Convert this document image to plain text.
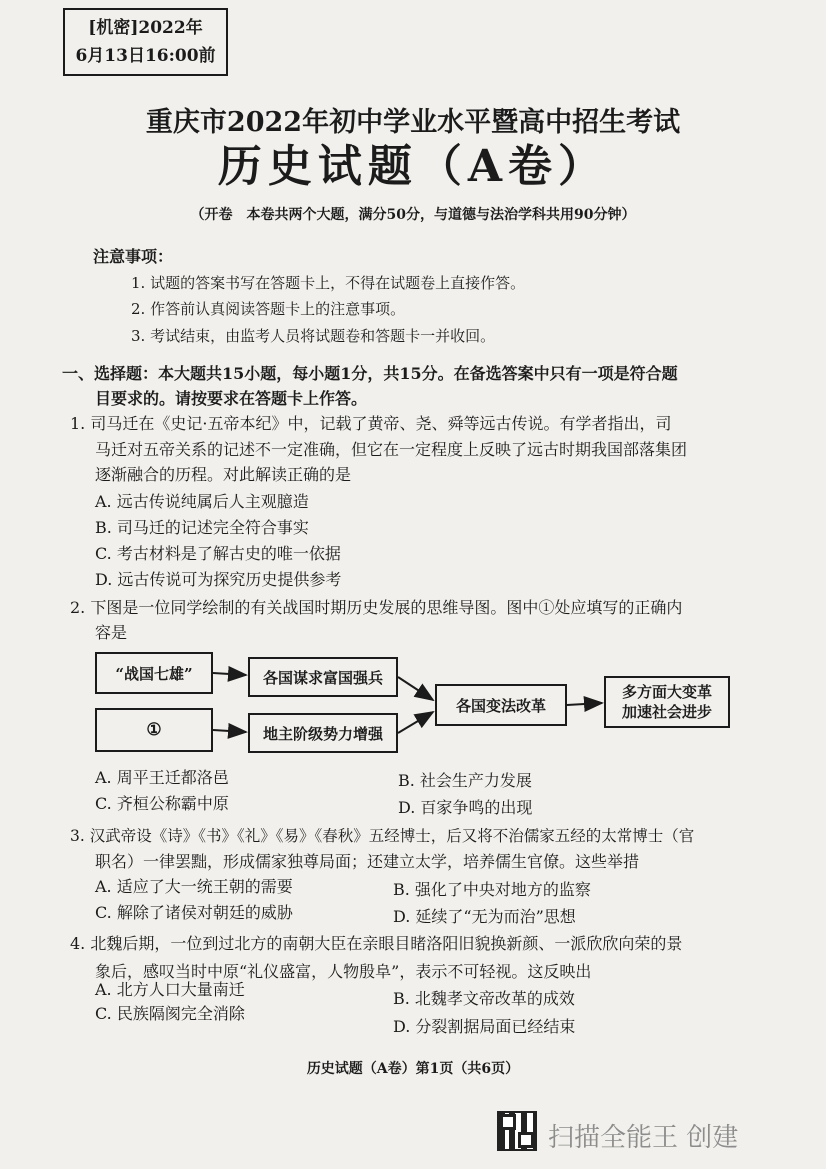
[机密]2022年
6月13日16:00前
重庆市2022年初中学业水平暨高中招生考试
历史试题（A卷）
（开卷　本卷共两个大题，满分50分，与道德与法治学科共用90分钟）
注意事项：
1. 试题的答案书写在答题卡上，不得在试题卷上直接作答。
2. 作答前认真阅读答题卡上的注意事项。
3. 考试结束，由监考人员将试题卷和答题卡一并收回。
一、选择题：本大题共15小题，每小题1分，共15分。在备选答案中只有一项是符合题
目要求的。请按要求在答题卡上作答。
1. 司马迁在《史记·五帝本纪》中，记载了黄帝、尧、舜等远古传说。有学者指出，司
马迁对五帝关系的记述不一定准确，但它在一定程度上反映了远古时期我国部落集团
逐渐融合的历程。对此解读正确的是
A. 远古传说纯属后人主观臆造
B. 司马迁的记述完全符合事实
C. 考古材料是了解古史的唯一依据
D. 远古传说可为探究历史提供参考
2. 下图是一位同学绘制的有关战国时期历史发展的思维导图。图中①处应填写的正确内
容是
“战国七雄”	各国谋求富国强兵
①	地主阶级势力增强
各国变法改革
多方面大变革
加速社会进步
A. 周平王迁都洛邑	B. 社会生产力发展
C. 齐桓公称霸中原	D. 百家争鸣的出现
3. 汉武帝设《诗》《书》《礼》《易》《春秋》五经博士，后又将不治儒家五经的太常博士（官
职名）一律罢黜，形成儒家独尊局面；还建立太学，培养儒生官僚。这些举措
A. 适应了大一统王朝的需要	B. 强化了中央对地方的监察
C. 解除了诸侯对朝廷的威胁	D. 延续了“无为而治”思想
4. 北魏后期，一位到过北方的南朝大臣在亲眼目睹洛阳旧貌换新颜、一派欣欣向荣的景
象后，感叹当时中原“礼仪盛富，人物殷阜”，表示不可轻视。这反映出
A. 北方人口大量南迁	B. 北魏孝文帝改革的成效
C. 民族隔阂完全消除
D. 分裂割据局面已经结束
历史试题（A卷）第1页（共6页）
扫描全能王 创建
